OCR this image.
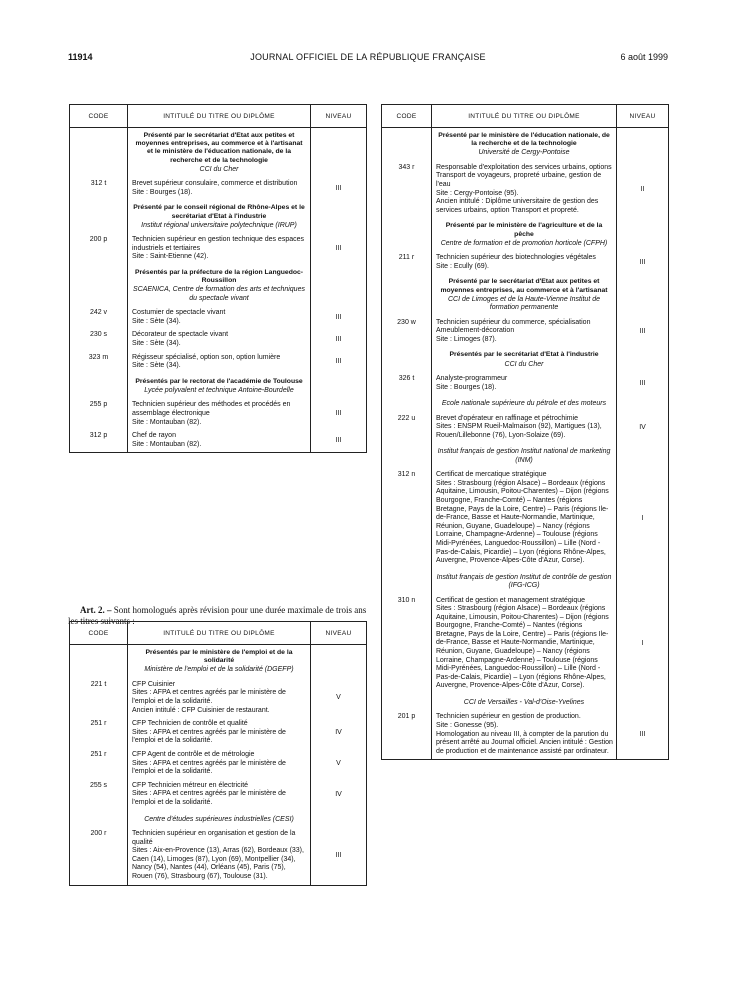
11914	JOURNAL OFFICIEL DE LA RÉPUBLIQUE FRANÇAISE	6 août 1999
CODE	INTITULÉ DU TITRE OU DIPLÔME	NIVEAU

	Présenté par le secrétariat d'Etat aux petites et moyennes entreprises, au commerce et à l'artisanat et le ministère de l'éducation nationale, de la recherche et de la technologie
CCI du Cher	

312 t	Brevet supérieur consulaire, commerce et distribution
Site : Bourges (18).	III

	Présenté par le conseil régional de Rhône-Alpes et le secrétariat d'Etat à l'industrie
Institut régional universitaire polytechnique (IRUP)	

200 p	Technicien supérieur en gestion technique des espaces industriels et tertiaires
Site : Saint-Etienne (42).	III

	Présentés par la préfecture de la région Languedoc-Roussillon
SCAENICA, Centre de formation des arts et techniques du spectacle vivant	

242 v	Costumier de spectacle vivant
Site : Sète (34).	III
230 s	Décorateur de spectacle vivant
Site : Sète (34).	III
323 m	Régisseur spécialisé, option son, option lumière
Site : Sète (34).	III

	Présentés par le rectorat de l'académie de Toulouse
Lycée polyvalent et technique Antoine-Bourdelle	

255 p	Technicien supérieur des méthodes et procédés en assemblage électronique
Site : Montauban (82).	III
312 p	Chef de rayon
Site : Montauban (82).	III

Art. 2. – Sont homologués après révision pour une durée maximale de trois ans les titres suivants :

CODE	INTITULÉ DU TITRE OU DIPLÔME	NIVEAU

	Présentés par le ministère de l'emploi et de la solidarité
Ministère de l'emploi et de la solidarité (DGEFP)	

221 t	CFP Cuisinier
Sites : AFPA et centres agréés par le ministère de l'emploi et de la solidarité.
Ancien intitulé : CFP Cuisinier de restaurant.	V
251 r	CFP Technicien de contrôle et qualité
Sites : AFPA et centres agréés par le ministère de l'emploi et de la solidarité.	IV
251 r	CFP Agent de contrôle et de métrologie
Sites : AFPA et centres agréés par le ministère de l'emploi et de la solidarité.	V
255 s	CFP Technicien métreur en électricité
Sites : AFPA et centres agréés par le ministère de l'emploi et de la solidarité.	IV

	Centre d'études supérieures industrielles (CESI)	

200 r	Technicien supérieur en organisation et gestion de la qualité
Sites : Aix-en-Provence (13), Arras (62), Bordeaux (33), Caen (14), Limoges (87), Lyon (69), Montpellier (34), Nancy (54), Nantes (44), Orléans (45), Paris (75), Rouen (76), Strasbourg (67), Toulouse (31).	III
CODE	INTITULÉ DU TITRE OU DIPLÔME	NIVEAU

	Présenté par le ministère de l'éducation nationale, de la recherche et de la technologie
Université de Cergy-Pontoise	

343 r	Responsable d'exploitation des services urbains, options Transport de voyageurs, propreté urbaine, gestion de l'eau
Site : Cergy-Pontoise (95).
Ancien intitulé : Diplôme universitaire de gestion des services urbains, option Transport et propreté.	II

	Présenté par le ministère de l'agriculture et de la pêche
Centre de formation et de promotion horticole (CFPH)	

211 r	Technicien supérieur des biotechnologies végétales
Site : Ecully (69).	III

	Présenté par le secrétariat d'Etat aux petites et moyennes entreprises, au commerce et à l'artisanat
CCI de Limoges et de la Haute-Vienne Institut de formation permanente	

230 w	Technicien supérieur du commerce, spécialisation Ameublement-décoration
Site : Limoges (87).	III

	Présentés par le secrétariat d'Etat à l'industrie
CCI du Cher	

326 t	Analyste-programmeur
Site : Bourges (18).	III

	Ecole nationale supérieure du pétrole et des moteurs	

222 u	Brevet d'opérateur en raffinage et pétrochimie
Sites : ENSPM Rueil-Malmaison (92), Martigues (13), Rouen/Lillebonne (76), Lyon-Solaize (69).	IV

	Institut français de gestion Institut national de marketing (INM)	

312 n	Certificat de mercatique stratégique
Sites : Strasbourg (région Alsace) – Bordeaux (régions Aquitaine, Limousin, Poitou-Charentes) – Dijon (régions Bourgogne, Franche-Comté) – Nantes (régions Bretagne, Pays de la Loire, Centre) – Paris (régions Ile-de-France, Basse et Haute-Normandie, Martinique, Réunion, Guyane, Guadeloupe) – Nancy (régions Lorraine, Champagne-Ardenne) – Toulouse (régions Midi-Pyrénées, Languedoc-Roussillon) – Lille (Nord - Pas-de-Calais, Picardie) – Lyon (régions Rhône-Alpes, Auvergne, Provence-Alpes-Côte d'Azur, Corse).	I

	Institut français de gestion Institut de contrôle de gestion (IFG-ICG)	

310 n	Certificat de gestion et management stratégique
Sites : Strasbourg (région Alsace) – Bordeaux (régions Aquitaine, Limousin, Poitou-Charentes) – Dijon (régions Bourgogne, Franche-Comté) – Nantes (régions Bretagne, Pays de la Loire, Centre) – Paris (régions Ile-de-France, Basse et Haute-Normandie, Martinique, Réunion, Guyane, Guadeloupe) – Nancy (régions Lorraine, Champagne-Ardenne) – Toulouse (régions Midi-Pyrénées, Languedoc-Roussillon) – Lille (Nord - Pas-de-Calais, Picardie) – Lyon (régions Rhône-Alpes, Auvergne, Provence-Alpes-Côte d'Azur, Corse).	I

	CCI de Versailles - Val-d'Oise-Yvelines	

201 p	Technicien supérieur en gestion de production.
Site : Gonesse (95).
Homologation au niveau III, à compter de la parution du présent arrêté au Journal officiel. Ancien intitulé : Gestion de production et de maintenance assisté par ordinateur.	III
